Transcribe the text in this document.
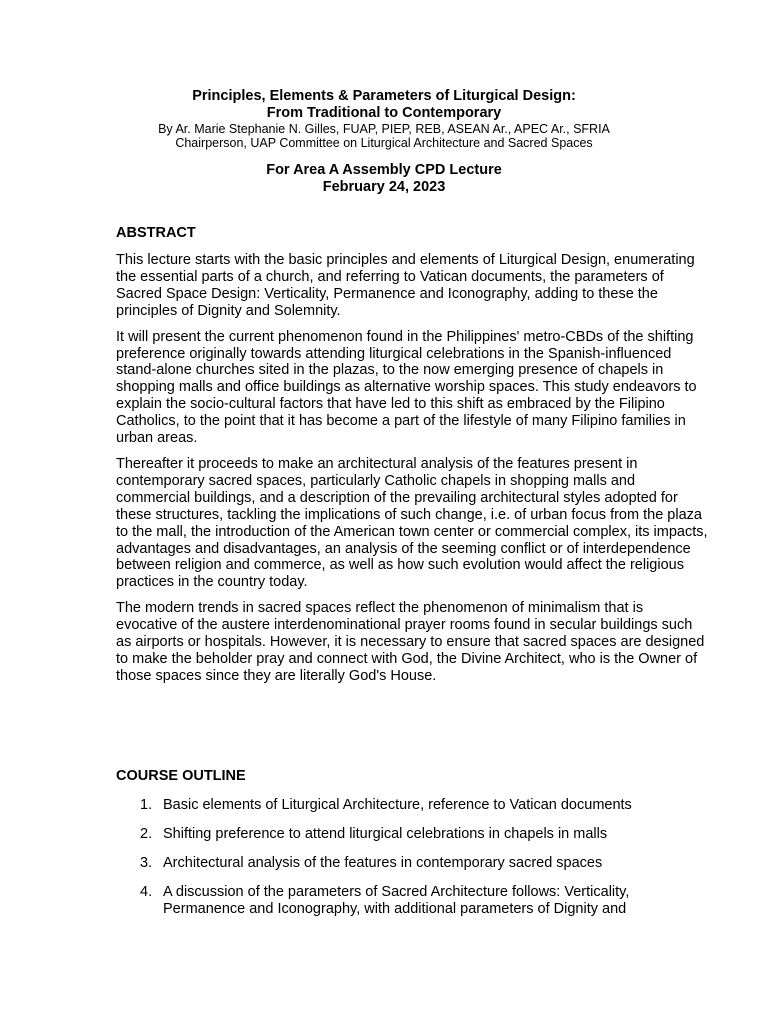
Principles, Elements & Parameters of Liturgical Design:

From Traditional to Contemporary

By Ar. Marie Stephanie N. Gilles, FUAP, PIEP, REB, ASEAN Ar., APEC Ar., SFRIA

Chairperson, UAP Committee on Liturgical Architecture and Sacred Spaces

For Area A Assembly CPD Lecture

February 24, 2023

ABSTRACT

This lecture starts with the basic principles and elements of Liturgical Design, enumerating the essential parts of a church, and referring to Vatican documents, the parameters of Sacred Space Design: Verticality, Permanence and Iconography, adding to these the principles of Dignity and Solemnity.

It will present the current phenomenon found in the Philippines' metro-CBDs of the shifting preference originally towards attending liturgical celebrations in the Spanish-influenced stand-alone churches sited in the plazas, to the now emerging presence of chapels in shopping malls and office buildings as alternative worship spaces. This study endeavors to explain the socio-cultural factors that have led to this shift as embraced by the Filipino Catholics, to the point that it has become a part of the lifestyle of many Filipino families in urban areas.

Thereafter it proceeds to make an architectural analysis of the features present in contemporary sacred spaces, particularly Catholic chapels in shopping malls and commercial buildings, and a description of the prevailing architectural styles adopted for these structures, tackling the implications of such change, i.e. of urban focus from the plaza to the mall, the introduction of the American town center or commercial complex, its impacts, advantages and disadvantages, an analysis of the seeming conflict or of interdependence between religion and commerce, as well as how such evolution would affect the religious practices in the country today.

The modern trends in sacred spaces reflect the phenomenon of minimalism that is evocative of the austere interdenominational prayer rooms found in secular buildings such as airports or hospitals. However, it is necessary to ensure that sacred spaces are designed to make the beholder pray and connect with God, the Divine Architect, who is the Owner of those spaces since they are literally God's House.

COURSE OUTLINE

1. Basic elements of Liturgical Architecture, reference to Vatican documents
2. Shifting preference to attend liturgical celebrations in chapels in malls
3. Architectural analysis of the features in contemporary sacred spaces
4. A discussion of the parameters of Sacred Architecture follows: Verticality, Permanence and Iconography, with additional parameters of Dignity and
